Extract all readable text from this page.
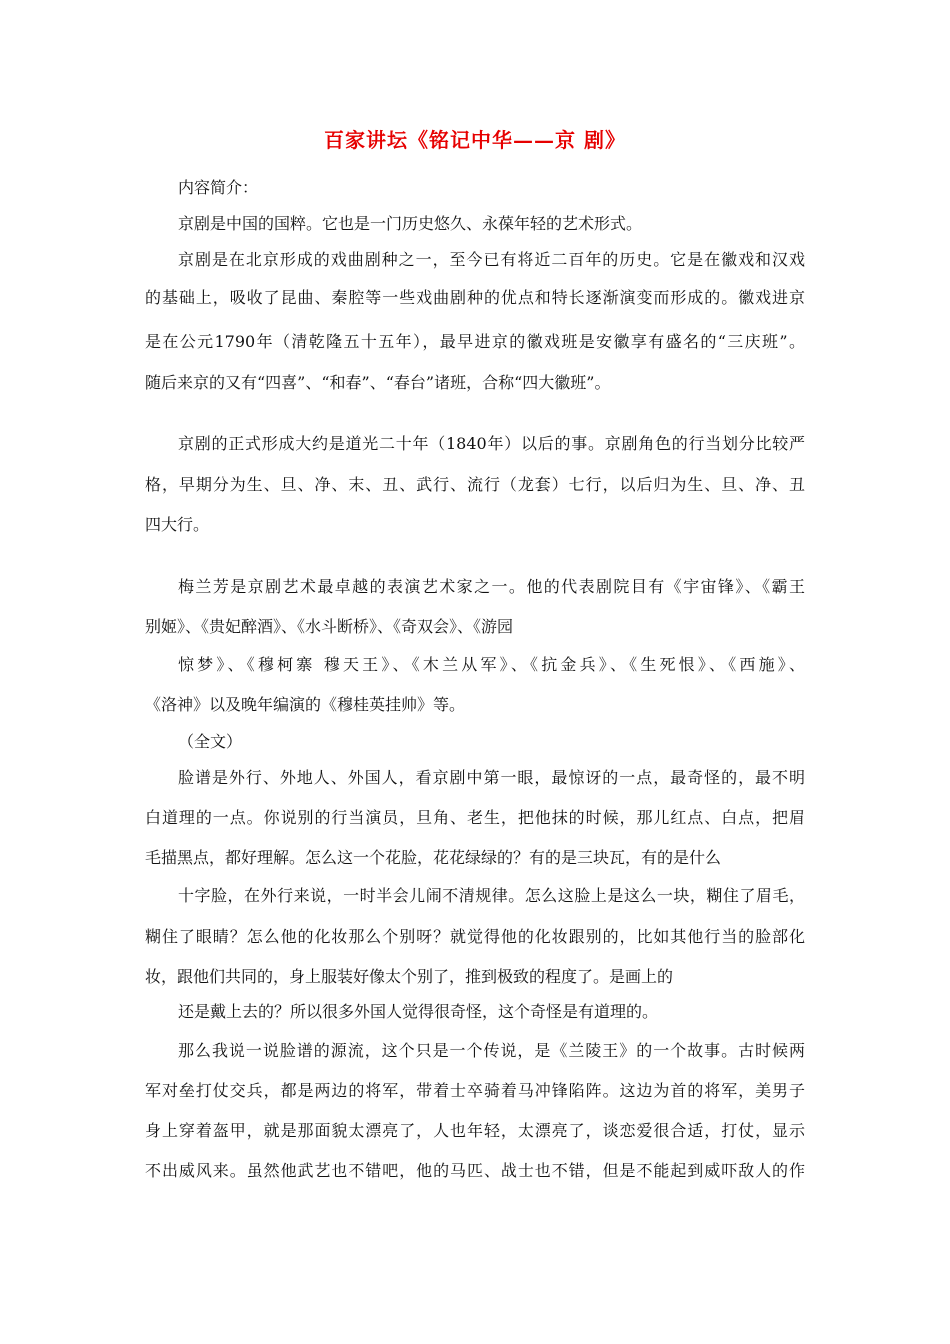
百家讲坛《铭记中华——京 剧》
内容简介：
京剧是中国的国粹。它也是一门历史悠久、永葆年轻的艺术形式。
京剧是在北京形成的戏曲剧种之一，至今已有将近二百年的历史。它是在徽戏和汉戏
的基础上，吸收了昆曲、秦腔等一些戏曲剧种的优点和特长逐渐演变而形成的。徽戏进京
是在公元1790年（清乾隆五十五年），最早进京的徽戏班是安徽享有盛名的“三庆班”。
随后来京的又有“四喜”、“和春”、“春台”诸班，合称“四大徽班”。
京剧的正式形成大约是道光二十年（1840年）以后的事。京剧角色的行当划分比较严
格，早期分为生、旦、净、末、丑、武行、流行（龙套）七行，以后归为生、旦、净、丑
四大行。
梅兰芳是京剧艺术最卓越的表演艺术家之一。他的代表剧院目有《宇宙锋》、《霸王
别姬》、《贵妃醉酒》、《水斗断桥》、《奇双会》、《游园
惊梦》、《穆柯寨 穆天王》、《木兰从军》、《抗金兵》、《生死恨》、《西施》、
《洛神》以及晚年编演的《穆桂英挂帅》等。
（全文）
脸谱是外行、外地人、外国人，看京剧中第一眼，最惊讶的一点，最奇怪的，最不明
白道理的一点。你说别的行当演员，旦角、老生，把他抹的时候，那儿红点、白点，把眉
毛描黑点，都好理解。怎么这一个花脸，花花绿绿的？有的是三块瓦，有的是什么
十字脸，在外行来说，一时半会儿闹不清规律。怎么这脸上是这么一块，糊住了眉毛，
糊住了眼睛？怎么他的化妆那么个别呀？就觉得他的化妆跟别的，比如其他行当的脸部化
妆，跟他们共同的，身上服装好像太个别了，推到极致的程度了。是画上的
还是戴上去的？所以很多外国人觉得很奇怪，这个奇怪是有道理的。
那么我说一说脸谱的源流，这个只是一个传说，是《兰陵王》的一个故事。古时候两
军对垒打仗交兵，都是两边的将军，带着士卒骑着马冲锋陷阵。这边为首的将军，美男子
身上穿着盔甲，就是那面貌太漂亮了，人也年轻，太漂亮了，谈恋爱很合适，打仗，显示
不出威风来。虽然他武艺也不错吧，他的马匹、战士也不错，但是不能起到威吓敌人的作
